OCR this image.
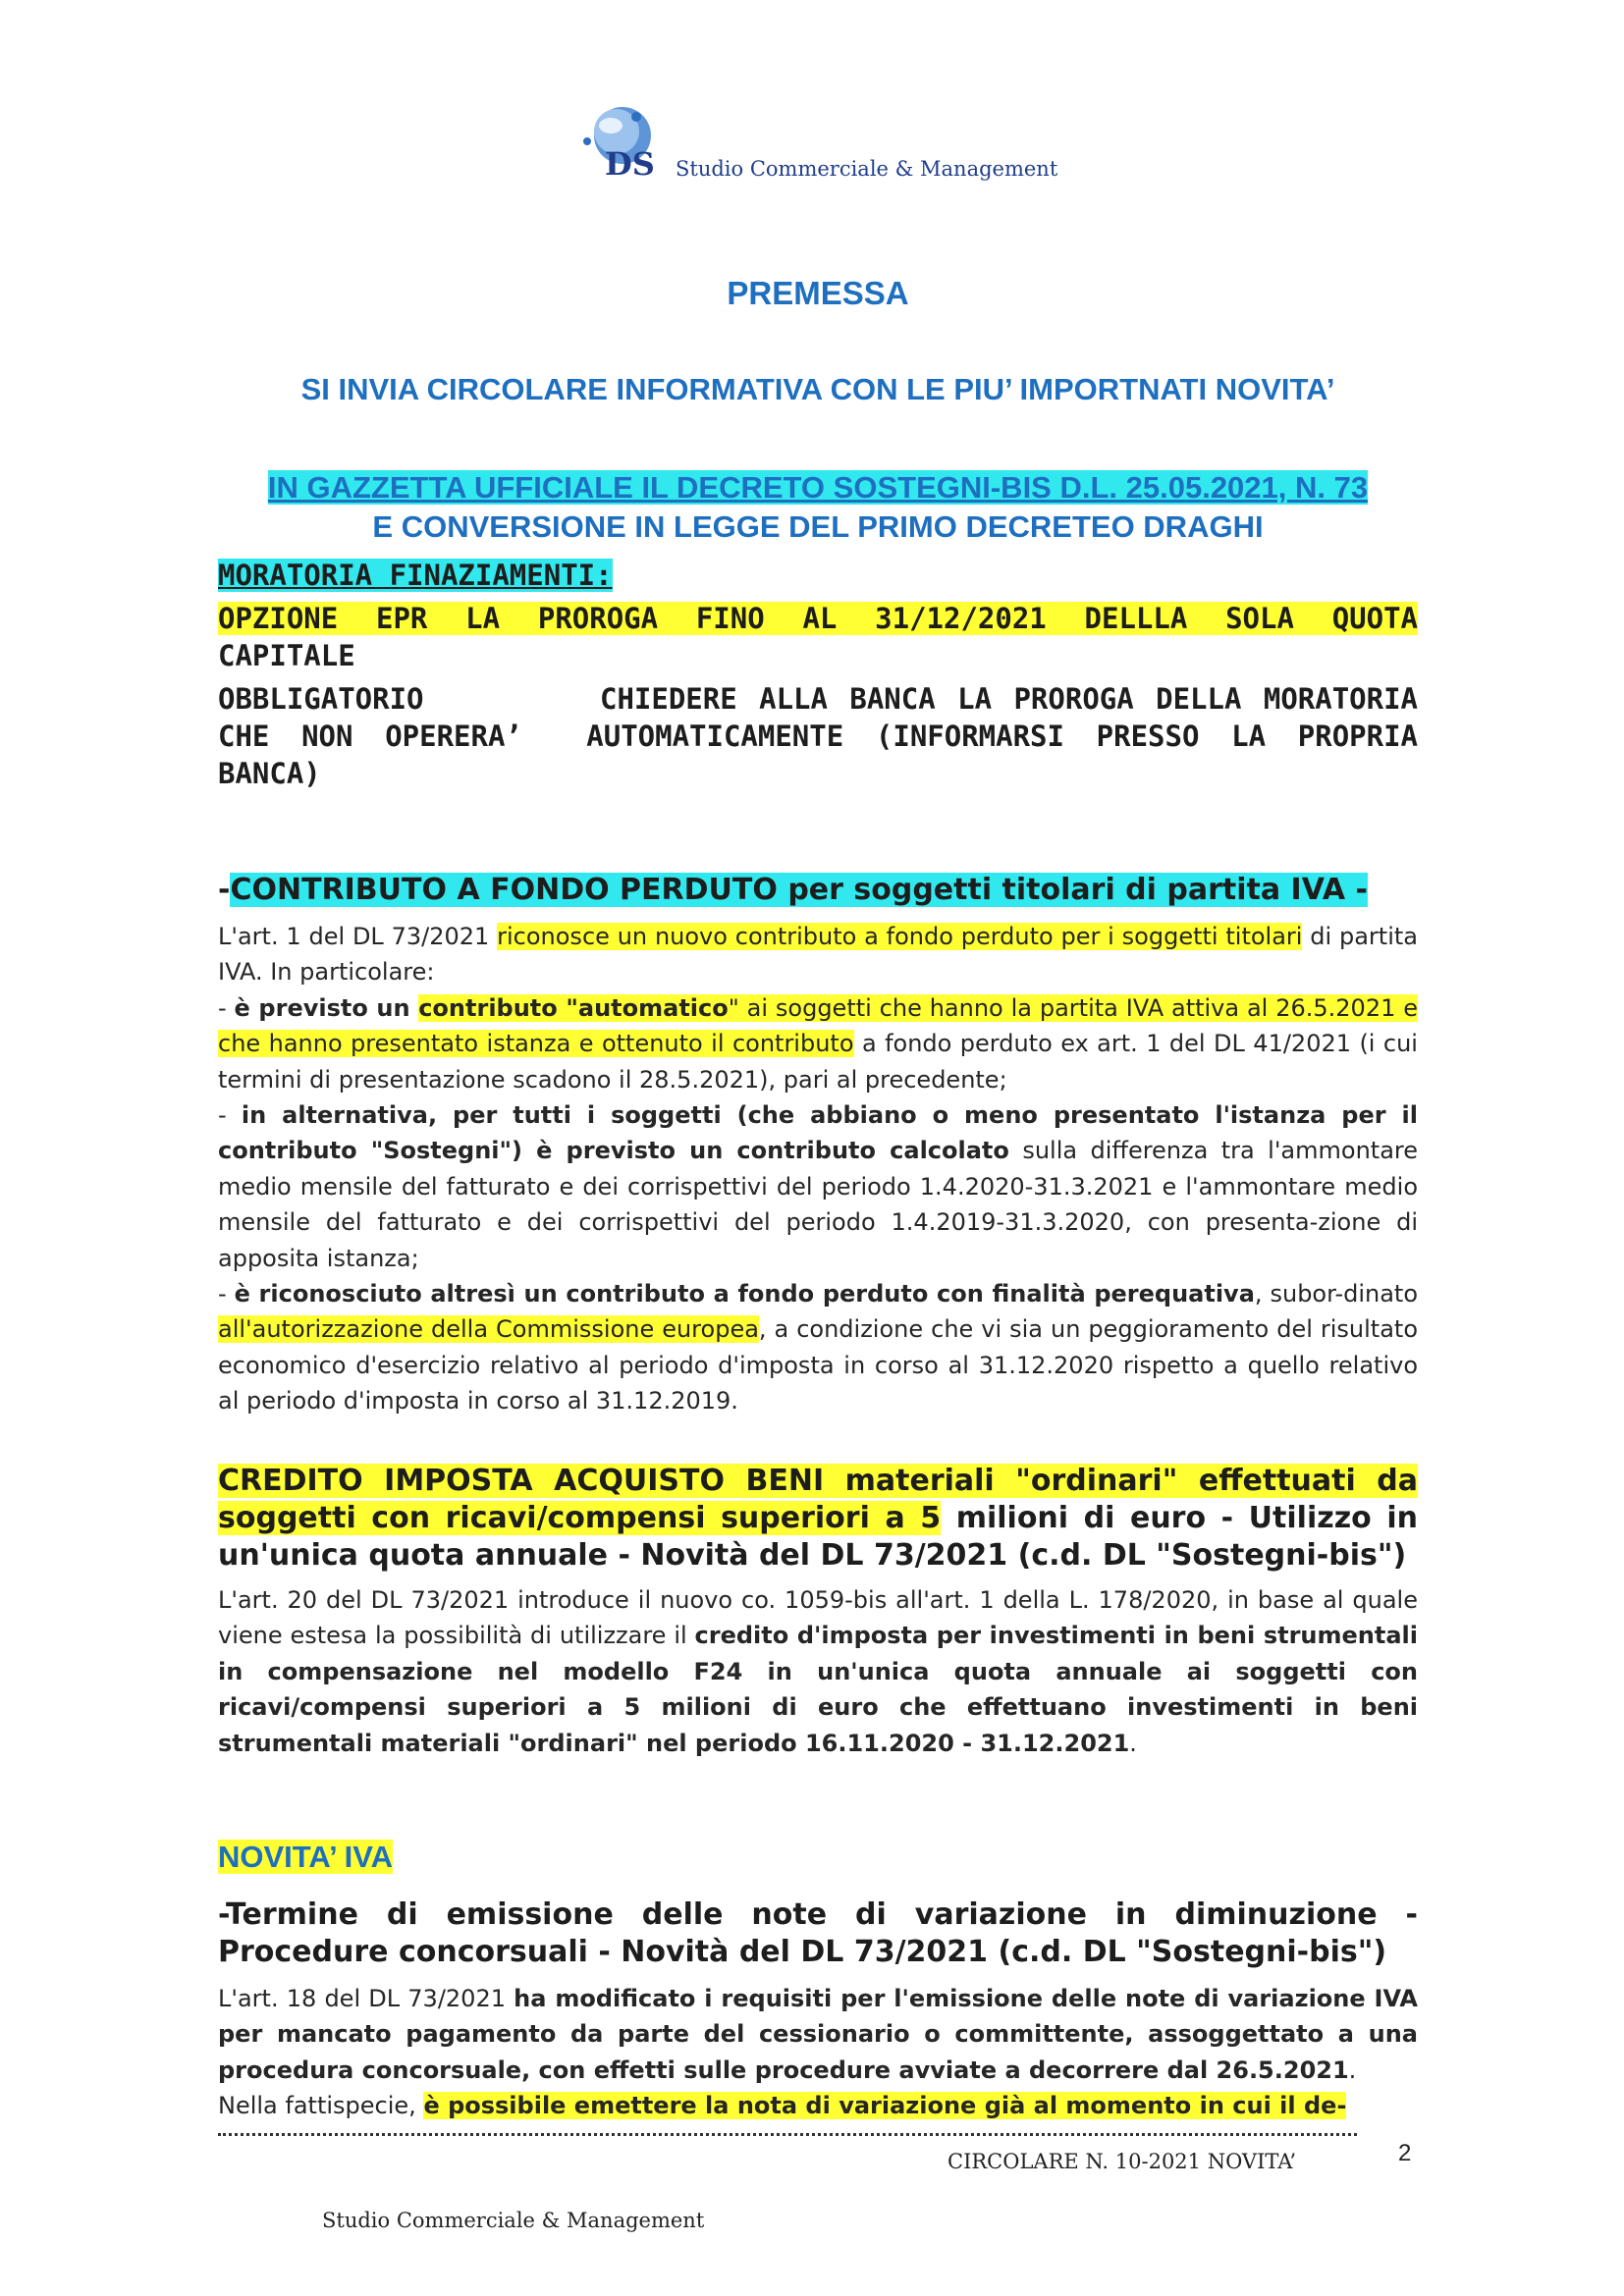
DS Studio Commerciale & Management
PREMESSA
SI INVIA CIRCOLARE INFORMATIVA CON LE PIU’ IMPORTNATI NOVITA’
IN GAZZETTA UFFICIALE IL DECRETO SOSTEGNI-BIS D.L. 25.05.2021, N. 73
E CONVERSIONE IN LEGGE DEL PRIMO DECRETEO DRAGHI
MORATORIA FINAZIAMENTI:
OPZIONE EPR LA PROROGA FINO AL 31/12/2021 DELLLA SOLA QUOTA
CAPITALE
OBBLIGATORIO        CHIEDERE ALLA BANCA LA PROROGA DELLA MORATORIA CHE NON OPERERA’  AUTOMATICAMENTE (INFORMARSI PRESSO LA PROPRIA BANCA)
-CONTRIBUTO A FONDO PERDUTO per soggetti titolari di partita IVA -
L'art. 1 del DL 73/2021 riconosce un nuovo contributo a fondo perduto per i soggetti titolari di partita IVA. In particolare:
- è previsto un contributo "automatico" ai soggetti che hanno la partita IVA attiva al 26.5.2021 e che hanno presentato istanza e ottenuto il contributo a fondo perduto ex art. 1 del DL 41/2021 (i cui termini di presentazione scadono il 28.5.2021), pari al precedente;
- in alternativa, per tutti i soggetti (che abbiano o meno presentato l'istanza per il contributo "Sostegni") è previsto un contributo calcolato sulla differenza tra l'ammontare medio mensile del fatturato e dei corrispettivi del periodo 1.4.2020-31.3.2021 e l'ammontare medio mensile del fatturato e dei corrispettivi del periodo 1.4.2019-31.3.2020, con presenta-zione di apposita istanza;
- è riconosciuto altresì un contributo a fondo perduto con finalità perequativa, subor-dinato all'autorizzazione della Commissione europea, a condizione che vi sia un peggioramento del risultato economico d'esercizio relativo al periodo d'imposta in corso al 31.12.2020 rispetto a quello relativo al periodo d'imposta in corso al 31.12.2019.
CREDITO IMPOSTA ACQUISTO BENI materiali "ordinari" effettuati da soggetti con ricavi/compensi superiori a 5 milioni di euro - Utilizzo in un'unica quota annuale - Novità del DL 73/2021 (c.d. DL "Sostegni-bis")
L'art. 20 del DL 73/2021 introduce il nuovo co. 1059-bis all'art. 1 della L. 178/2020, in base al quale viene estesa la possibilità di utilizzare il credito d'imposta per investimenti in beni strumentali in compensazione nel modello F24 in un'unica quota annuale ai soggetti con ricavi/compensi superiori a 5 milioni di euro che effettuano investimenti in beni strumentali materiali "ordinari" nel periodo 16.11.2020 - 31.12.2021.
NOVITA’ IVA
-Termine di emissione delle note di variazione in diminuzione - Procedure concorsuali - Novità del DL 73/2021 (c.d. DL "Sostegni-bis")
L'art. 18 del DL 73/2021 ha modificato i requisiti per l'emissione delle note di variazione IVA per mancato pagamento da parte del cessionario o committente, assoggettato a una procedura concorsuale, con effetti sulle procedure avviate a decorrere dal 26.5.2021.
Nella fattispecie, è possibile emettere la nota di variazione già al momento in cui il de-
CIRCOLARE N. 10-2021 NOVITA’	2
Studio Commerciale & Management
